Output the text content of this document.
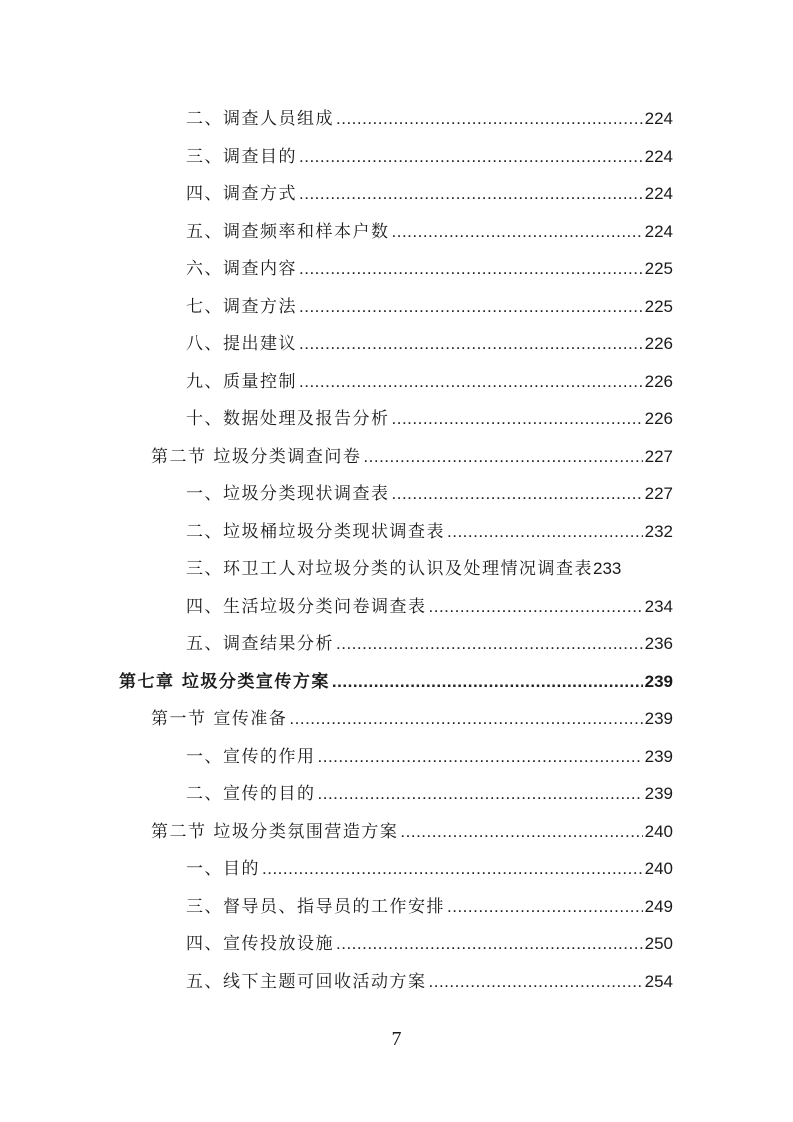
二、调查人员组成 .....	224
三、调查目的 .....	224
四、调查方式 .....	224
五、调查频率和样本户数 .....	224
六、调查内容 .....	225
七、调查方法 .....	225
八、提出建议 .....	226
九、质量控制 .....	226
十、数据处理及报告分析 .....	226
第二节 垃圾分类调查问卷 .....	227
一、垃圾分类现状调查表 .....	227
二、垃圾桶垃圾分类现状调查表 .....	232
三、环卫工人对垃圾分类的认识及处理情况调查表 233
四、生活垃圾分类问卷调查表 .....	234
五、调查结果分析 .....	236
第七章 垃圾分类宣传方案 .....	239
第一节 宣传准备 .....	239
一、宣传的作用 .....	239
二、宣传的目的 .....	239
第二节 垃圾分类氛围营造方案 .....	240
一、目的 .....	240
三、督导员、指导员的工作安排 .....	249
四、宣传投放设施 .....	250
五、线下主题可回收活动方案 .....	254
7
